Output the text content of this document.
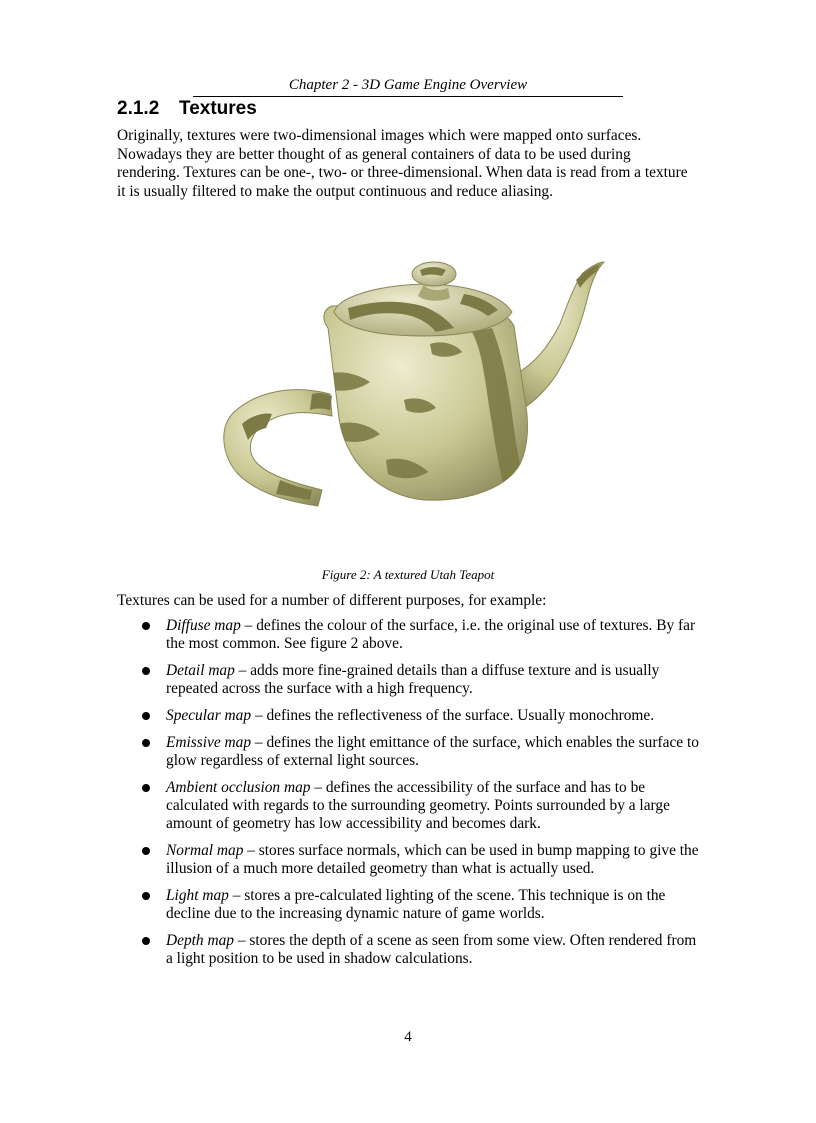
Chapter 2 - 3D Game Engine Overview
2.1.2 Textures

Originally, textures were two-dimensional images which were mapped onto surfaces. Nowadays they are better thought of as general containers of data to be used during rendering. Textures can be one-, two- or three-dimensional. When data is read from a texture it is usually filtered to make the output continuous and reduce aliasing.

Figure 2: A textured Utah Teapot

Textures can be used for a number of different purposes, for example:

Diffuse map – defines the colour of the surface, i.e. the original use of textures. By far the most common. See figure 2 above.
Detail map – adds more fine-grained details than a diffuse texture and is usually repeated across the surface with a high frequency.
Specular map – defines the reflectiveness of the surface. Usually monochrome.
Emissive map – defines the light emittance of the surface, which enables the surface to glow regardless of external light sources.
Ambient occlusion map – defines the accessibility of the surface and has to be calculated with regards to the surrounding geometry. Points surrounded by a large amount of geometry has low accessibility and becomes dark.
Normal map – stores surface normals, which can be used in bump mapping to give the illusion of a much more detailed geometry than what is actually used.
Light map – stores a pre-calculated lighting of the scene. This technique is on the decline due to the increasing dynamic nature of game worlds.
Depth map – stores the depth of a scene as seen from some view. Often rendered from a light position to be used in shadow calculations.
4
